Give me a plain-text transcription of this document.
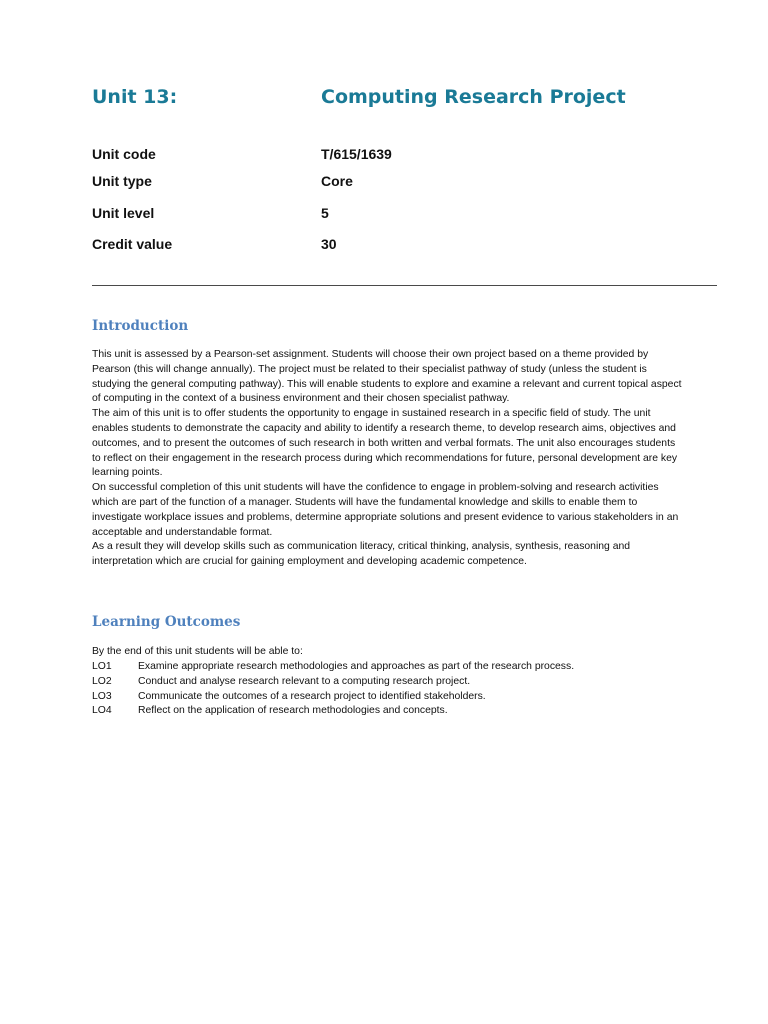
Unit 13:	Computing Research Project
Unit code	T/615/1639
Unit type	Core
Unit level	5
Credit value	30
Introduction

This unit is assessed by a Pearson-set assignment. Students will choose their own project based on a theme provided by Pearson (this will change annually). The project must be related to their specialist pathway of study (unless the student is studying the general computing pathway). This will enable students to explore and examine a relevant and current topical aspect of computing in the context of a business environment and their chosen specialist pathway.

The aim of this unit is to offer students the opportunity to engage in sustained research in a specific field of study. The unit enables students to demonstrate the capacity and ability to identify a research theme, to develop research aims, objectives and outcomes, and to present the outcomes of such research in both written and verbal formats. The unit also encourages students to reflect on their engagement in the research process during which recommendations for future, personal development are key learning points.

On successful completion of this unit students will have the confidence to engage in problem-solving and research activities which are part of the function of a manager. Students will have the fundamental knowledge and skills to enable them to investigate workplace issues and problems, determine appropriate solutions and present evidence to various stakeholders in an acceptable and understandable format.

As a result they will develop skills such as communication literacy, critical thinking, analysis, synthesis, reasoning and interpretation which are crucial for gaining employment and developing academic competence.

Learning Outcomes
By the end of this unit students will be able to:
LO1	Examine appropriate research methodologies and approaches as part of the research process.
LO2	Conduct and analyse research relevant to a computing research project.
LO3	Communicate the outcomes of a research project to identified stakeholders.
LO4	Reflect on the application of research methodologies and concepts.
